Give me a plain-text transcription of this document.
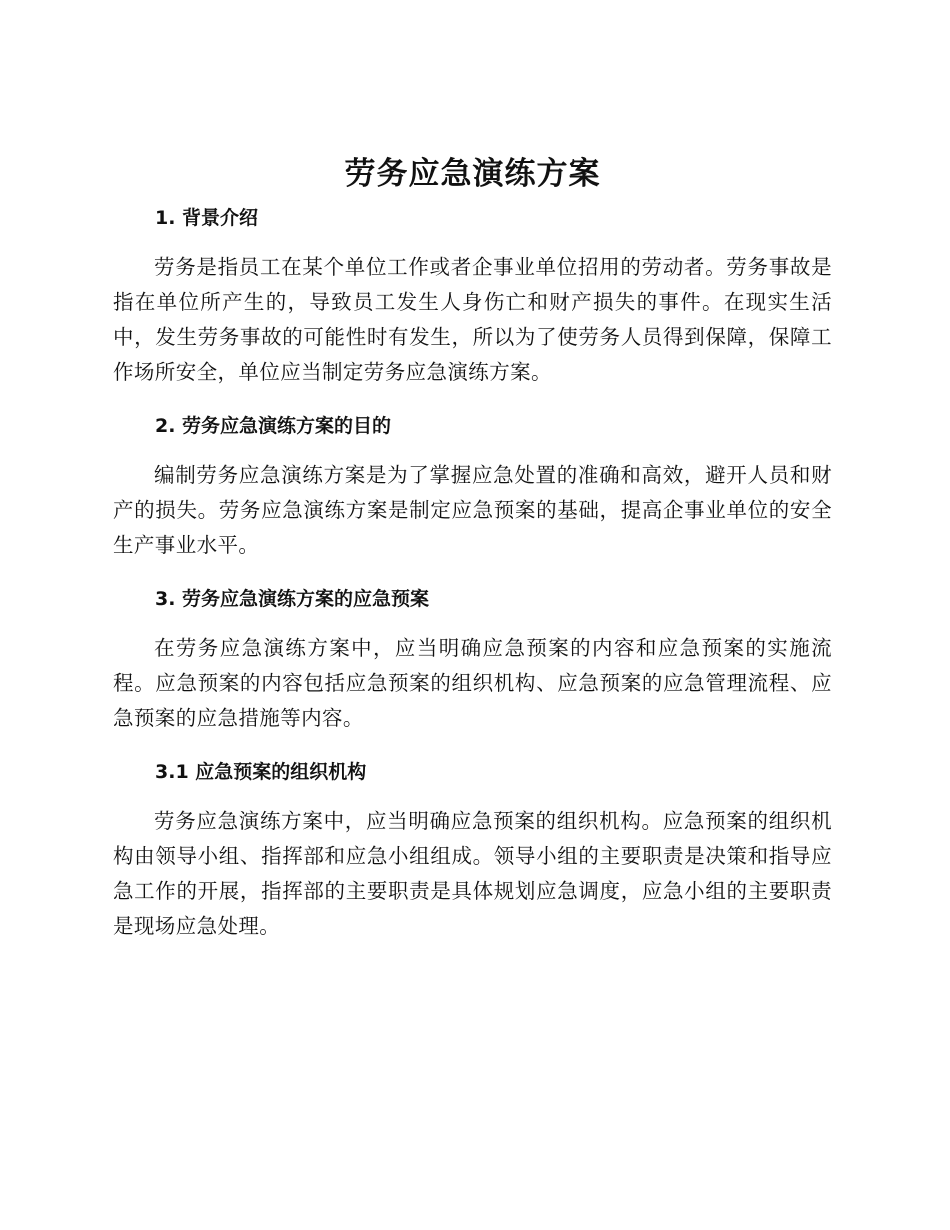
劳务应急演练方案
1. 背景介绍

劳务是指员工在某个单位工作或者企事业单位招用的劳动者。劳务事故是指在单位所产生的，导致员工发生人身伤亡和财产损失的事件。在现实生活中，发生劳务事故的可能性时有发生，所以为了使劳务人员得到保障，保障工作场所安全，单位应当制定劳务应急演练方案。

2. 劳务应急演练方案的目的

编制劳务应急演练方案是为了掌握应急处置的准确和高效，避开人员和财产的损失。劳务应急演练方案是制定应急预案的基础，提高企事业单位的安全生产事业水平。

3. 劳务应急演练方案的应急预案

在劳务应急演练方案中，应当明确应急预案的内容和应急预案的实施流程。应急预案的内容包括应急预案的组织机构、应急预案的应急管理流程、应急预案的应急措施等内容。

3.1 应急预案的组织机构

劳务应急演练方案中，应当明确应急预案的组织机构。应急预案的组织机构由领导小组、指挥部和应急小组组成。领导小组的主要职责是决策和指导应急工作的开展，指挥部的主要职责是具体规划应急调度，应急小组的主要职责是现场应急处理。
